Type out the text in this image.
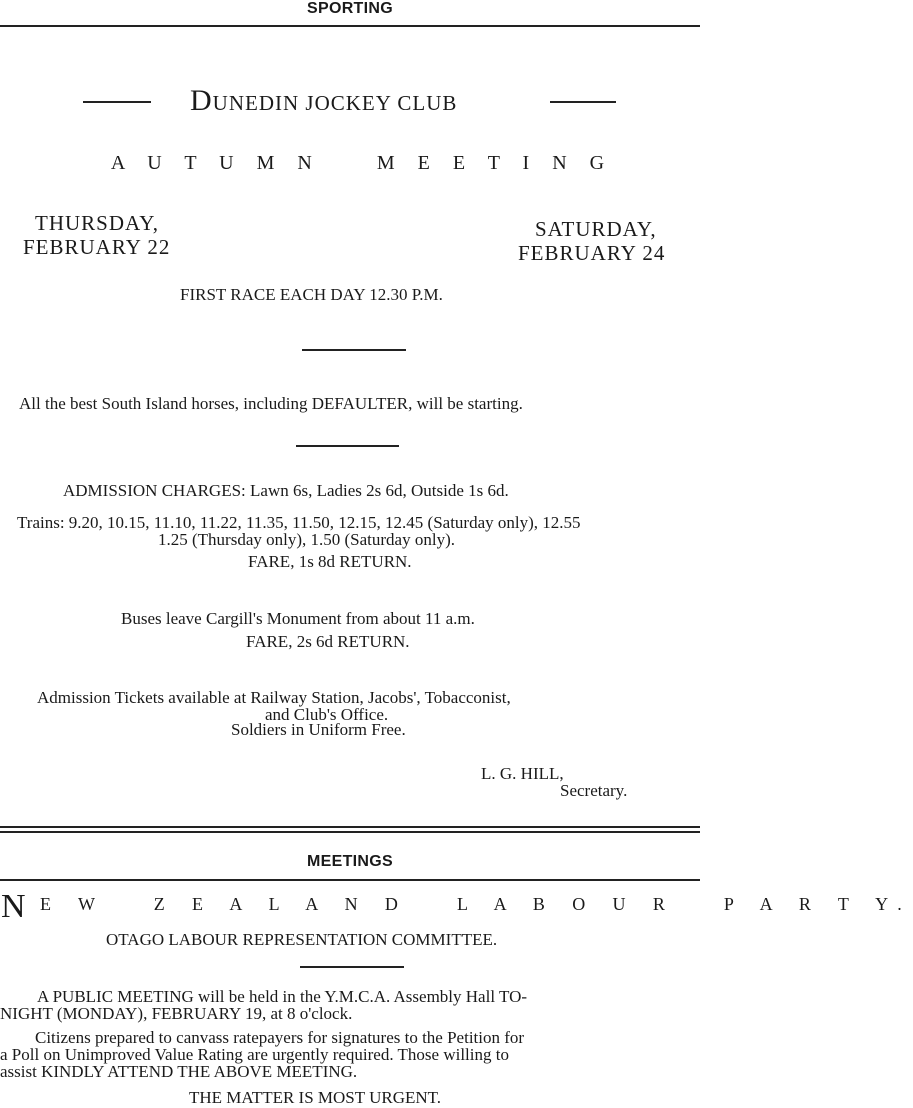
SPORTING
DUNEDIN JOCKEY CLUB
A U T U M N    M E E T I N G
THURSDAY,
FEBRUARY 22
SATURDAY,
FEBRUARY 24
FIRST RACE EACH DAY 12.30 P.M.
All the best South Island horses, including DEFAULTER, will be starting.
ADMISSION CHARGES: Lawn 6s, Ladies 2s 6d, Outside 1s 6d.
Trains: 9.20, 10.15, 11.10, 11.22, 11.35, 11.50, 12.15, 12.45 (Saturday only), 12.55
1.25 (Thursday only), 1.50 (Saturday only).
FARE, 1s 8d RETURN.
Buses leave Cargill's Monument from about 11 a.m.
FARE, 2s 6d RETURN.
Admission Tickets available at Railway Station, Jacobs', Tobacconist,
and Club's Office.
Soldiers in Uniform Free.
L. G. HILL,
Secretary.
MEETINGS

N E W   Z E A L A N D   L A B O U R   P A R T Y.

OTAGO LABOUR REPRESENTATION COMMITTEE.
A PUBLIC MEETING will be held in the Y.M.C.A. Assembly Hall TO-
NIGHT (MONDAY), FEBRUARY 19, at 8 o'clock.
Citizens prepared to canvass ratepayers for signatures to the Petition for
a Poll on Unimproved Value Rating are urgently required. Those willing to
assist KINDLY ATTEND THE ABOVE MEETING.
THE MATTER IS MOST URGENT.
